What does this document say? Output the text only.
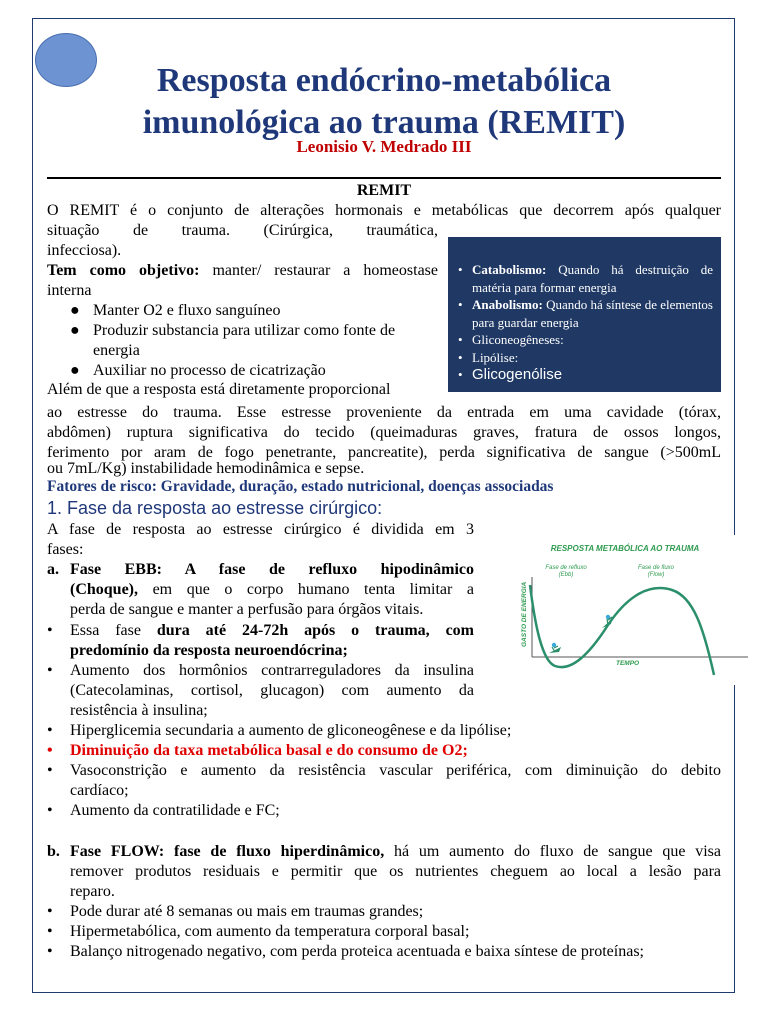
Resposta endócrino-metabólica
imunológica ao trauma (REMIT)
Leonisio V. Medrado III
REMIT
O REMIT é o conjunto de alterações hormonais e metabólicas que decorrem após qualquer
situação de trauma. (Cirúrgica, traumática,
infecciosa).
Tem como objetivo: manter/ restaurar a homeostase
interna
● Manter O2 e fluxo sanguíneo
● Produzir substancia para utilizar como fonte de
energia
● Auxiliar no processo de cicatrização
Além de que a resposta está diretamente proporcional
ao estresse do trauma. Esse estresse proveniente da entrada em uma cavidade (tórax,
abdômen) ruptura significativa do tecido (queimaduras graves, fratura de ossos longos,
ferimento por aram de fogo penetrante, pancreatite), perda significativa de sangue (>500mL
ou 7mL/Kg) instabilidade hemodinâmica e sepse.
• Catabolismo: Quando há destruição de matéria para formar energia
• Anabolismo: Quando há síntese de elementos para guardar energia
• Gliconeogêneses:
• Lipólise:
• Glicogenólise
Fatores de risco: Gravidade, duração, estado nutricional, doenças associadas
1. Fase da resposta ao estresse cirúrgico:
A fase de resposta ao estresse cirúrgico é dividida em 3
fases:
a. Fase EBB: A fase de refluxo hipodinâmico
(Choque), em que o corpo humano tenta limitar a
perda de sangue e manter a perfusão para órgãos vitais.
• Essa fase dura até 24-72h após o trauma, com
predomínio da resposta neuroendócrina;
• Aumento dos hormônios contrarreguladores da insulina
(Catecolaminas, cortisol, glucagon) com aumento da
resistência à insulina;
• Hiperglicemia secundaria a aumento de gliconeogênese e da lipólise;
• Diminuição da taxa metabólica basal e do consumo de O2;
• Vasoconstrição e aumento da resistência vascular periférica, com diminuição do debito
cardíaco;
• Aumento da contratilidade e FC;
b. Fase FLOW: fase de fluxo hiperdinâmico, há um aumento do fluxo de sangue que visa
remover produtos residuais e permitir que os nutrientes cheguem ao local a lesão para
reparo.
• Pode durar até 8 semanas ou mais em traumas grandes;
• Hipermetabólica, com aumento da temperatura corporal basal;
• Balanço nitrogenado negativo, com perda proteica acentuada e baixa síntese de proteínas;
RESPOSTA METABÓLICA AO TRAUMA
GASTO DE ENERGIA
TEMPO
Fase de refluxo
(Ebb)
Fase de fluxo
(Flow)
